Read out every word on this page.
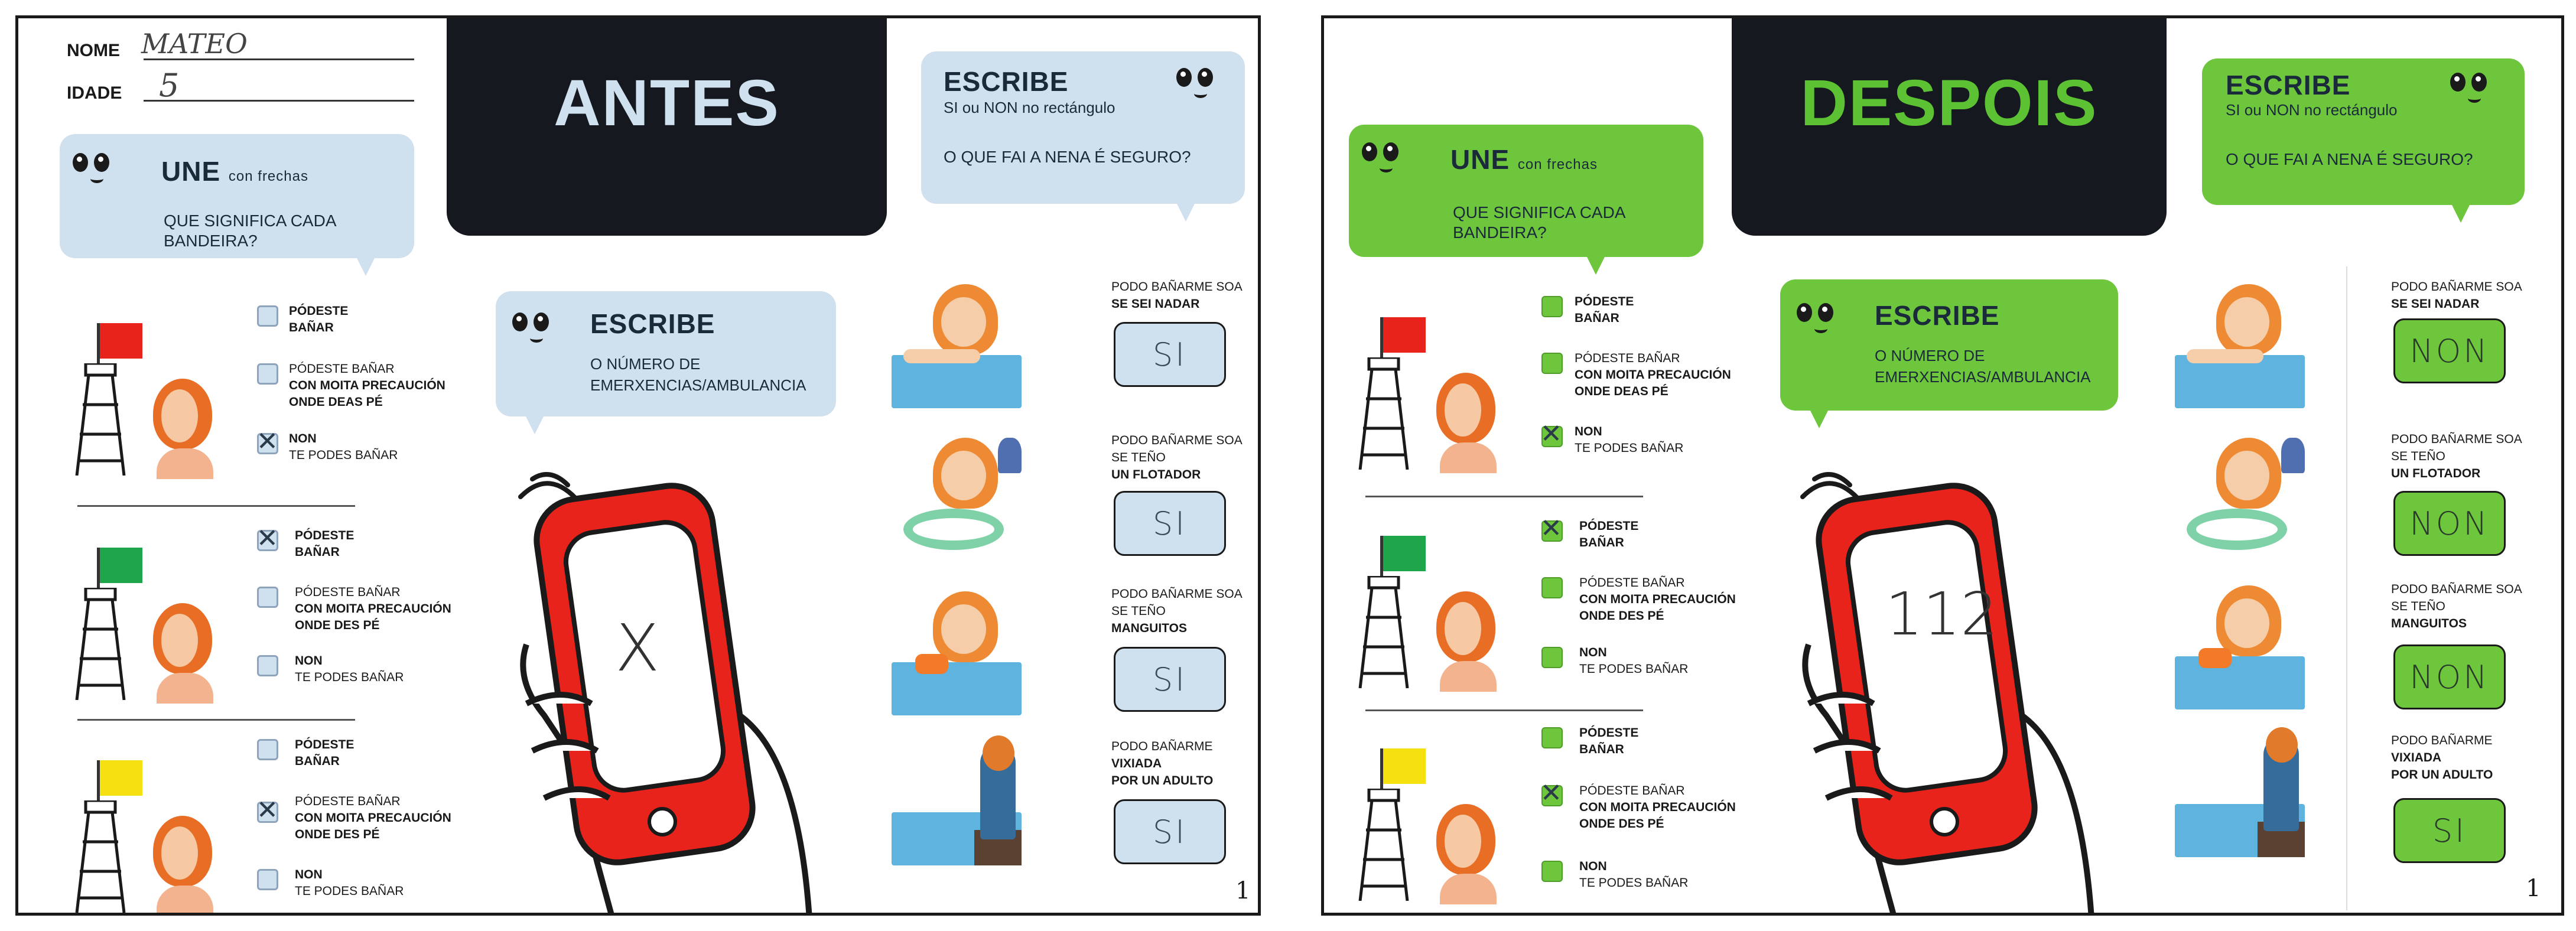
NOME MATEO
IDADE 5	ANTES
UNE con frechas
QUE SIGNIFICA CADA BANDEIRA?
ESCRIBE
SI ou NON no rectángulo
O QUE FAI A NENA É SEGURO?
ESCRIBE
O NÚMERO DE
EMERXENCIAS/AMBULANCIA
X
PÓDESTE
BAÑAR
PÓDESTE BAÑAR
CON MOITA PRECAUCIÓN
ONDE DEAS PÉ
✕ NON
TE PODES BAÑAR
✕ PÓDESTE
BAÑAR
PÓDESTE BAÑAR
CON MOITA PRECAUCIÓN
ONDE DES PÉ
NON
TE PODES BAÑAR
PÓDESTE
BAÑAR
✕ PÓDESTE BAÑAR
CON MOITA PRECAUCIÓN
ONDE DES PÉ
NON
TE PODES BAÑAR
PODO BAÑARME SOA
SE SEI NADAR
SI
PODO BAÑARME SOA
SE TEÑO
UN FLOTADOR
SI
PODO BAÑARME SOA
SE TEÑO
MANGUITOS
SI
PODO BAÑARME
VIXIADA
POR UN ADULTO
SI
1
DESPOIS
UNE con frechas
QUE SIGNIFICA CADA BANDEIRA?
ESCRIBE
SI ou NON no rectángulo
O QUE FAI A NENA É SEGURO?
ESCRIBE
O NÚMERO DE
EMERXENCIAS/AMBULANCIA
112
PÓDESTE
BAÑAR
PÓDESTE BAÑAR
CON MOITA PRECAUCIÓN
ONDE DEAS PÉ
✕ NON
TE PODES BAÑAR
✕ PÓDESTE
BAÑAR
PÓDESTE BAÑAR
CON MOITA PRECAUCIÓN
ONDE DES PÉ
NON
TE PODES BAÑAR
PÓDESTE
BAÑAR
✕ PÓDESTE BAÑAR
CON MOITA PRECAUCIÓN
ONDE DES PÉ
NON
TE PODES BAÑAR
PODO BAÑARME SOA
SE SEI NADAR
NON
PODO BAÑARME SOA
SE TEÑO
UN FLOTADOR
NON
PODO BAÑARME SOA
SE TEÑO
MANGUITOS
NON
PODO BAÑARME
VIXIADA
POR UN ADULTO
SI
1
